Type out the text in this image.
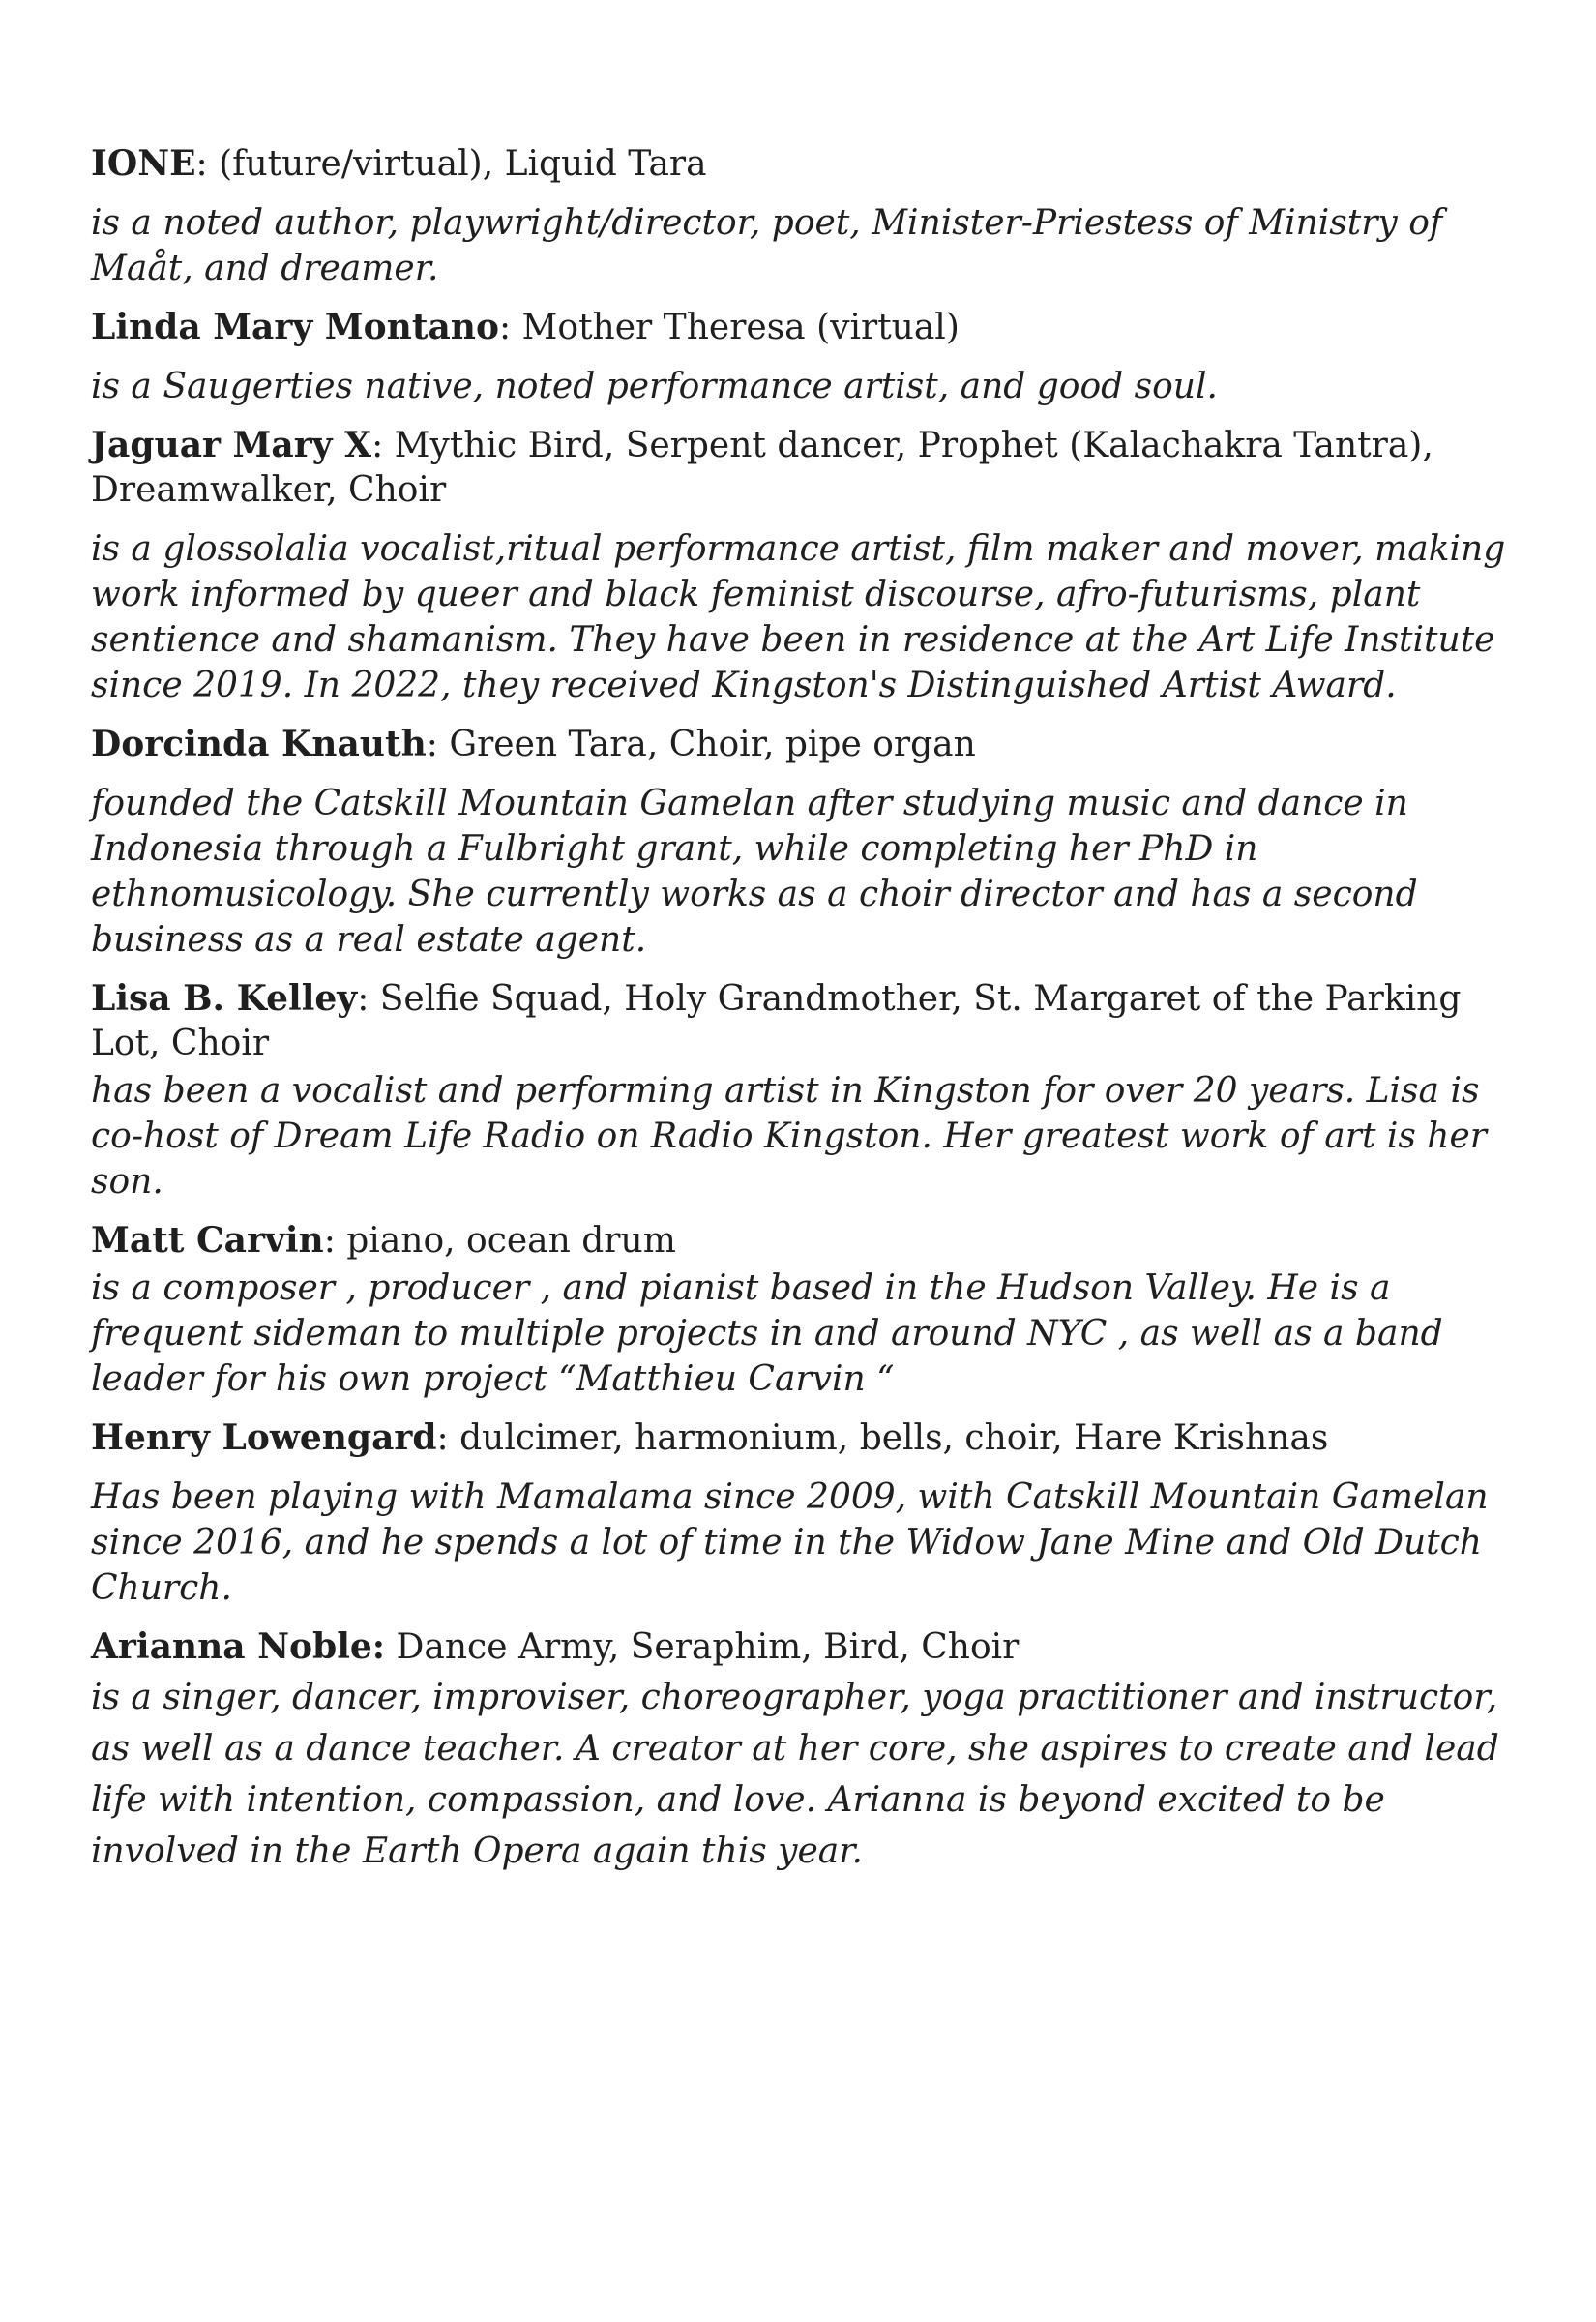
IONE: (future/virtual), Liquid Tara

is a noted author, playwright/director, poet, Minister-Priestess of Ministry of Maåt, and dreamer.

Linda Mary Montano: Mother Theresa (virtual)

is a Saugerties native, noted performance artist, and good soul.

Jaguar Mary X: Mythic Bird, Serpent dancer, Prophet (Kalachakra Tantra), Dreamwalker, Choir

is a glossolalia vocalist,ritual performance artist, film maker and mover, making work informed by queer and black feminist discourse, afro-futurisms, plant sentience and shamanism. They have been in residence at the Art Life Institute since 2019. In 2022, they received Kingston's Distinguished Artist Award.

Dorcinda Knauth: Green Tara, Choir, pipe organ

founded the Catskill Mountain Gamelan after studying music and dance in Indonesia through a Fulbright grant, while completing her PhD in ethnomusicology. She currently works as a choir director and has a second business as a real estate agent.

Lisa B. Kelley: Selfie Squad, Holy Grandmother, St. Margaret of the Parking Lot, Choir

has been a vocalist and performing artist in Kingston for over 20 years. Lisa is co-host of Dream Life Radio on Radio Kingston. Her greatest work of art is her son.

Matt Carvin: piano, ocean drum

is a composer , producer , and pianist based in the Hudson Valley. He is a frequent sideman to multiple projects in and around NYC , as well as a band leader for his own project “Matthieu Carvin “

Henry Lowengard: dulcimer, harmonium, bells, choir, Hare Krishnas

Has been playing with Mamalama since 2009, with Catskill Mountain Gamelan since 2016, and he spends a lot of time in the Widow Jane Mine and Old Dutch Church.

Arianna Noble: Dance Army, Seraphim, Bird, Choir

is a singer, dancer, improviser, choreographer, yoga practitioner and instructor, as well as a dance teacher. A creator at her core, she aspires to create and lead life with intention, compassion, and love. Arianna is beyond excited to be involved in the Earth Opera again this year.
